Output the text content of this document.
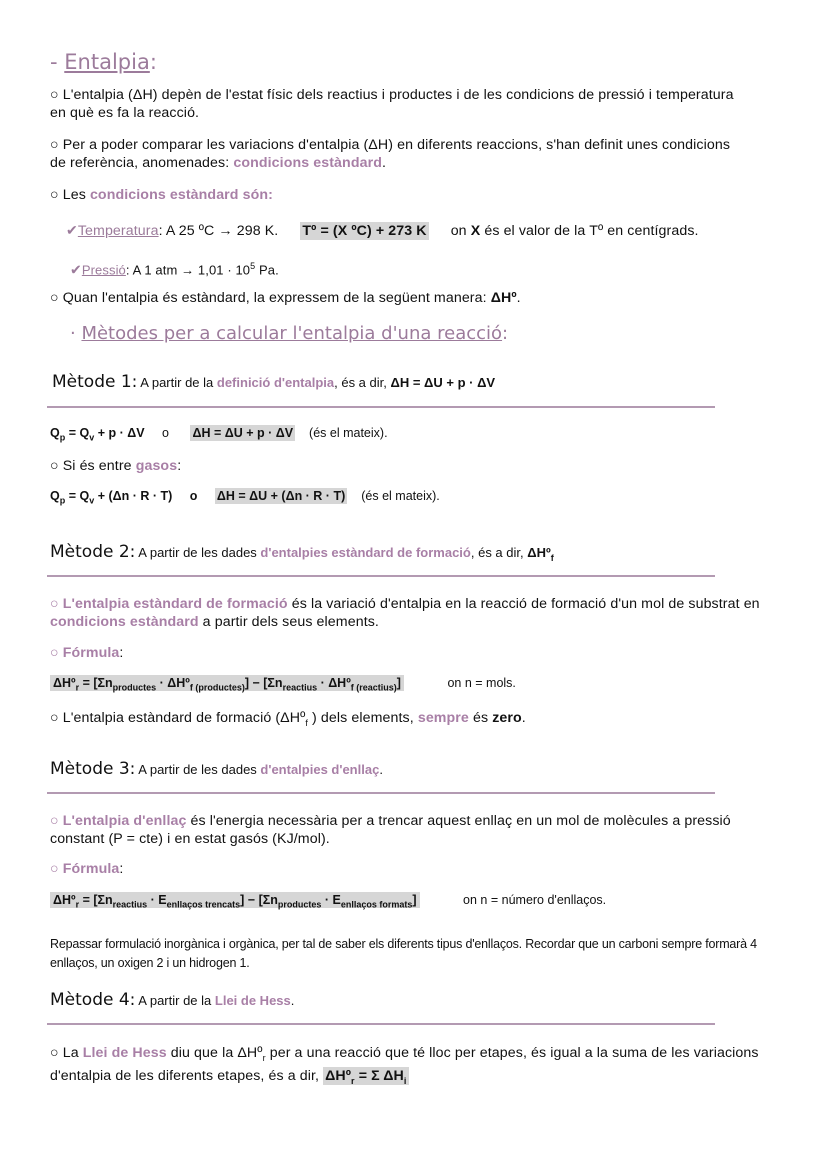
- Entalpia:
○ L'entalpia (ΔH) depèn de l'estat físic dels reactius i productes i de les condicions de pressió i temperatura en què es fa la reacció.
○ Per a poder comparar les variacions d'entalpia (ΔH) en diferents reaccions, s'han definit unes condicions de referència, anomenades: condicions estàndard.
○ Les condicions estàndard són:
✔Temperatura: A 25 ºC → 298 K. Tº = (X ºC) + 273 K on X és el valor de la Tº en centígrads.
✔Pressió: A 1 atm → $1,01 \cdot 10^5$ Pa.
○ Quan l'entalpia és estàndard, la expressem de la següent manera: ΔHº.
· Mètodes per a calcular l'entalpia d'una reacció:
Mètode 1: A partir de la definició d'entalpia, és a dir, ΔH = ΔU + p · ΔV
$Q_p = Q_v + p \cdot \Delta V$ o ΔH = ΔU + p · ΔV (és el mateix).
○ Si és entre gasos:
$Q_p = Q_v + (\Delta n \cdot R \cdot T)$ o ΔH = ΔU + (Δn · R · T) (és el mateix).
Mètode 2: A partir de les dades d'entalpies estàndard de formació, és a dir, ΔHº$_f$
○ L'entalpia estàndard de formació és la variació d'entalpia en la reacció de formació d'un mol de substrat en condicions estàndard a partir dels seus elements.
○ Fórmula:
ΔHº$_r$ = [$\Sigma n_{productes}$ · ΔHº$_{f (productes)}$] − [$\Sigma n_{reactius}$ · ΔHº$_{f (reactius)}$]	on n = mols.
○ L'entalpia estàndard de formació (ΔHº$_f$ ) dels elements, sempre és zero.
Mètode 3: A partir de les dades d'entalpies d'enllaç.
○ L'entalpia d'enllaç és l'energia necessària per a trencar aquest enllaç en un mol de molècules a pressió constant (P = cte) i en estat gasós (KJ/mol).
○ Fórmula:
ΔHº$_r$ = $[\Sigma n_{reactius} \cdot E_{enllaços trencats}] - [\Sigma n_{productes} \cdot E_{enllaços formats}]$	on n = número d'enllaços.
Repassar formulació inorgànica i orgànica, per tal de saber els diferents tipus d'enllaços. Recordar que un carboni sempre formarà 4 enllaços, un oxigen 2 i un hidrogen 1.
Mètode 4: A partir de la Llei de Hess.
○ La Llei de Hess diu que la ΔHº$_r$ per a una reacció que té lloc per etapes, és igual a la suma de les variacions d'entalpia de les diferents etapes, és a dir, ΔHº$_r$ = Σ $\Delta H_i$
